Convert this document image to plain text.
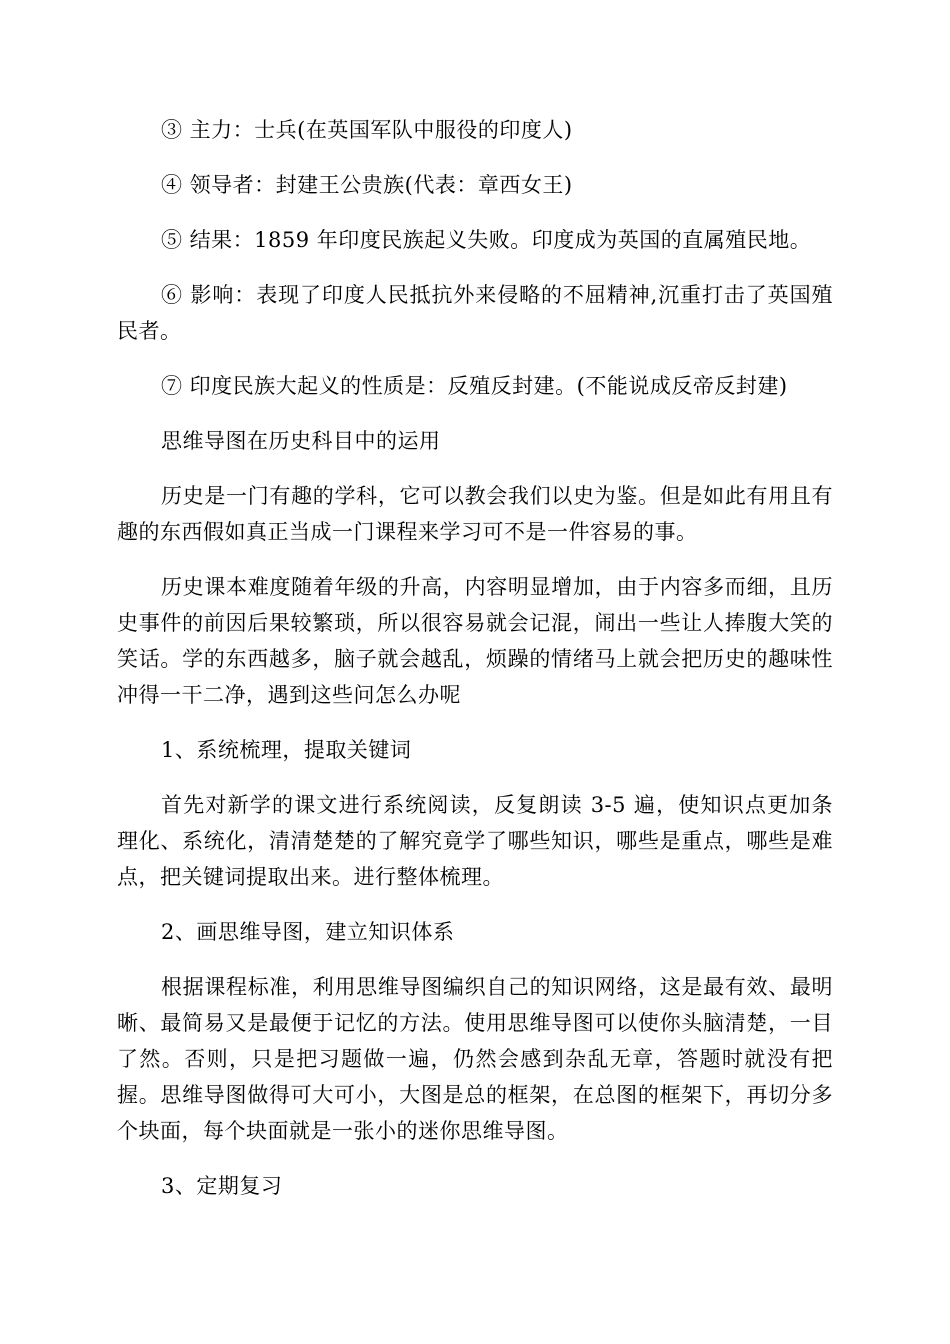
③ 主力：士兵(在英国军队中服役的印度人)

④ 领导者：封建王公贵族(代表：章西女王)

⑤ 结果：1859 年印度民族起义失败。印度成为英国的直属殖民地。

⑥ 影响：表现了印度人民抵抗外来侵略的不屈精神,沉重打击了英国殖民者。

⑦ 印度民族大起义的性质是：反殖反封建。(不能说成反帝反封建)

思维导图在历史科目中的运用

历史是一门有趣的学科，它可以教会我们以史为鉴。但是如此有用且有趣的东西假如真正当成一门课程来学习可不是一件容易的事。

历史课本难度随着年级的升高，内容明显增加，由于内容多而细，且历史事件的前因后果较繁琐，所以很容易就会记混，闹出一些让人捧腹大笑的笑话。学的东西越多，脑子就会越乱，烦躁的情绪马上就会把历史的趣味性冲得一干二净，遇到这些问怎么办呢

1、系统梳理，提取关键词

首先对新学的课文进行系统阅读，反复朗读 3-5 遍，使知识点更加条理化、系统化，清清楚楚的了解究竟学了哪些知识，哪些是重点，哪些是难点，把关键词提取出来。进行整体梳理。

2、画思维导图，建立知识体系

根据课程标准，利用思维导图编织自己的知识网络，这是最有效、最明晰、最简易又是最便于记忆的方法。使用思维导图可以使你头脑清楚，一目了然。否则，只是把习题做一遍，仍然会感到杂乱无章，答题时就没有把握。思维导图做得可大可小，大图是总的框架，在总图的框架下，再切分多个块面，每个块面就是一张小的迷你思维导图。

3、定期复习
